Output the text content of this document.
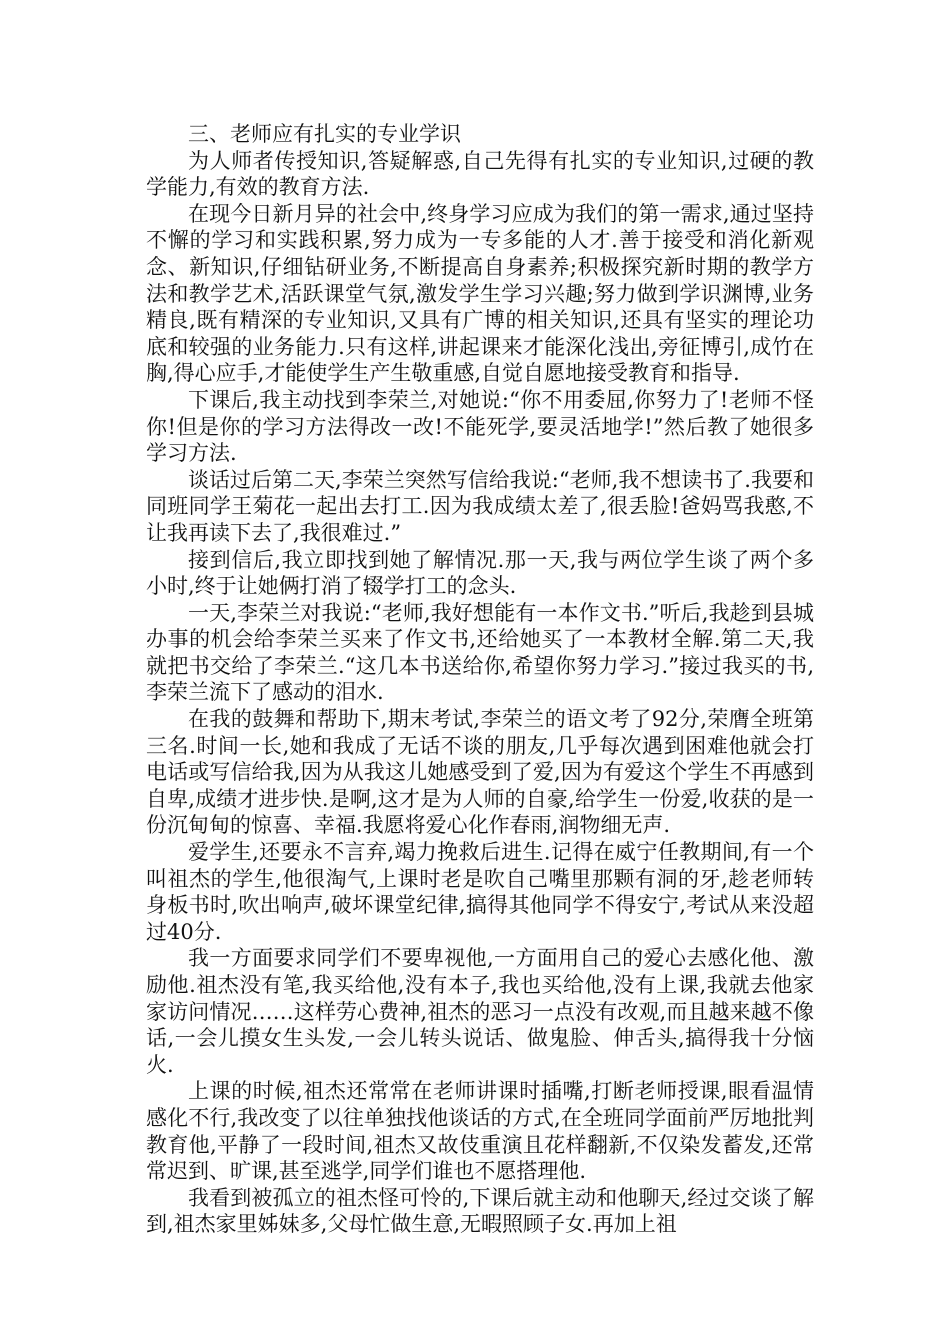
三、老师应有扎实的专业学识

为人师者传授知识,答疑解惑,自己先得有扎实的专业知识,过硬的教学能力,有效的教育方法.

在现今日新月异的社会中,终身学习应成为我们的第一需求,通过坚持不懈的学习和实践积累,努力成为一专多能的人才.善于接受和消化新观念、新知识,仔细钻研业务,不断提高自身素养;积极探究新时期的教学方法和教学艺术,活跃课堂气氛,激发学生学习兴趣;努力做到学识渊博,业务精良,既有精深的专业知识,又具有广博的相关知识,还具有坚实的理论功底和较强的业务能力.只有这样,讲起课来才能深化浅出,旁征博引,成竹在胸,得心应手,才能使学生产生敬重感,自觉自愿地接受教育和指导.

下课后,我主动找到李荣兰,对她说:“你不用委屈,你努力了!老师不怪你!但是你的学习方法得改一改!不能死学,要灵活地学!”然后教了她很多学习方法.

谈话过后第二天,李荣兰突然写信给我说:“老师,我不想读书了.我要和同班同学王菊花一起出去打工.因为我成绩太差了,很丢脸!爸妈骂我憨,不让我再读下去了,我很难过.”

接到信后,我立即找到她了解情况.那一天,我与两位学生谈了两个多小时,终于让她俩打消了辍学打工的念头.

一天,李荣兰对我说:“老师,我好想能有一本作文书.”听后,我趁到县城办事的机会给李荣兰买来了作文书,还给她买了一本教材全解.第二天,我就把书交给了李荣兰.“这几本书送给你,希望你努力学习.”接过我买的书,李荣兰流下了感动的泪水.

在我的鼓舞和帮助下,期末考试,李荣兰的语文考了92分,荣膺全班第三名.时间一长,她和我成了无话不谈的朋友,几乎每次遇到困难他就会打电话或写信给我,因为从我这儿她感受到了爱,因为有爱这个学生不再感到自卑,成绩才进步快.是啊,这才是为人师的自豪,给学生一份爱,收获的是一份沉甸甸的惊喜、幸福.我愿将爱心化作春雨,润物细无声.

爱学生,还要永不言弃,竭力挽救后进生.记得在威宁任教期间,有一个叫祖杰的学生,他很淘气,上课时老是吹自己嘴里那颗有洞的牙,趁老师转身板书时,吹出响声,破坏课堂纪律,搞得其他同学不得安宁,考试从来没超过40分.

我一方面要求同学们不要卑视他,一方面用自己的爱心去感化他、激励他.祖杰没有笔,我买给他,没有本子,我也买给他,没有上课,我就去他家家访问情况……这样劳心费神,祖杰的恶习一点没有改观,而且越来越不像话,一会儿摸女生头发,一会儿转头说话、做鬼脸、伸舌头,搞得我十分恼火.

上课的时候,祖杰还常常在老师讲课时插嘴,打断老师授课,眼看温情感化不行,我改变了以往单独找他谈话的方式,在全班同学面前严厉地批判教育他,平静了一段时间,祖杰又故伎重演且花样翻新,不仅染发蓄发,还常常迟到、旷课,甚至逃学,同学们谁也不愿搭理他.

我看到被孤立的祖杰怪可怜的,下课后就主动和他聊天,经过交谈了解到,祖杰家里姊妹多,父母忙做生意,无暇照顾子女.再加上祖
